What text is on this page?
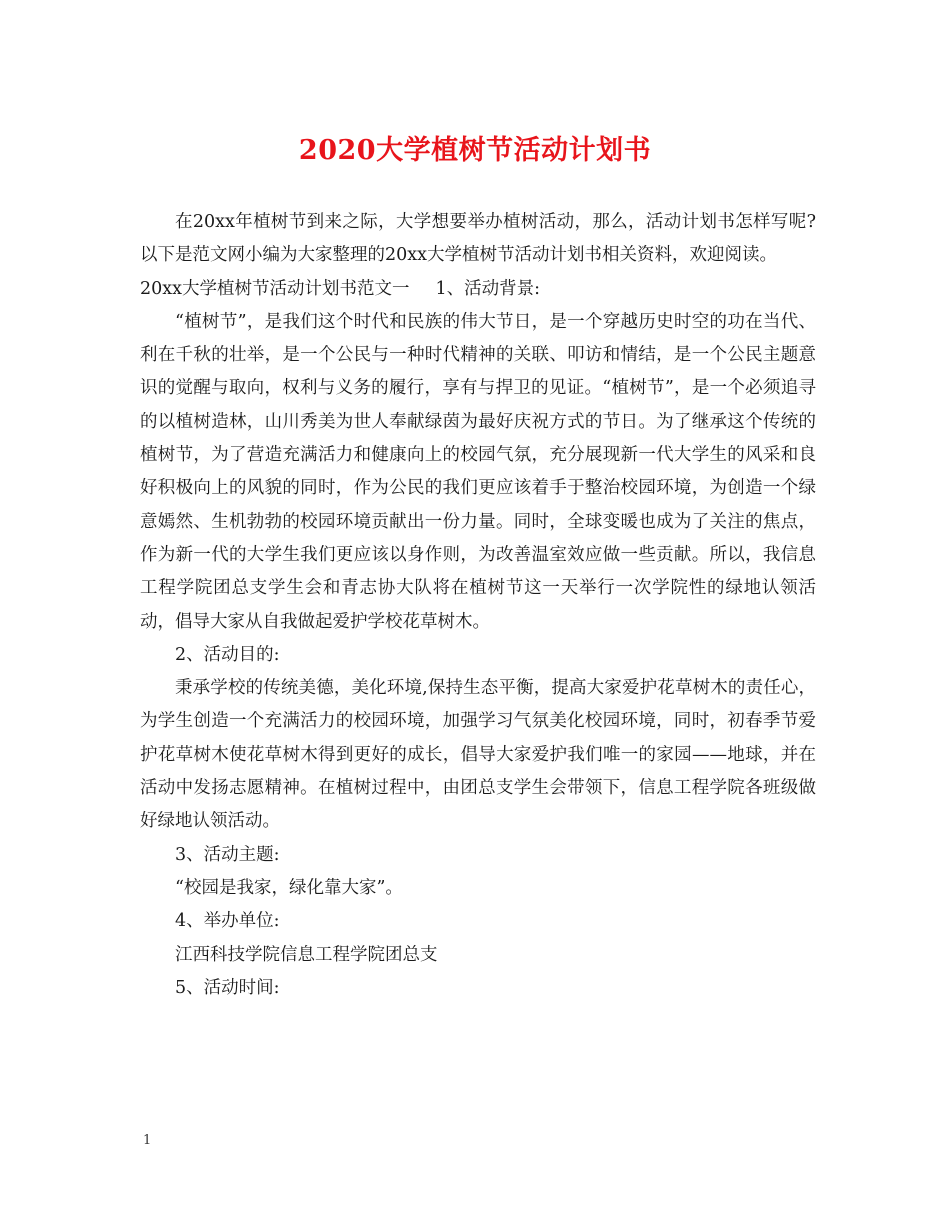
2020大学植树节活动计划书

在20xx年植树节到来之际，大学想要举办植树活动，那么，活动计划书怎样写呢?以下是范文网小编为大家整理的20xx大学植树节活动计划书相关资料，欢迎阅读。

20xx大学植树节活动计划书范文一 1、活动背景:

“植树节”，是我们这个时代和民族的伟大节日，是一个穿越历史时空的功在当代、利在千秋的壮举，是一个公民与一种时代精神的关联、叩访和情结，是一个公民主题意识的觉醒与取向，权利与义务的履行，享有与捍卫的见证。“植树节”，是一个必须追寻的以植树造林，山川秀美为世人奉献绿茵为最好庆祝方式的节日。为了继承这个传统的植树节，为了营造充满活力和健康向上的校园气氛，充分展现新一代大学生的风采和良好积极向上的风貌的同时，作为公民的我们更应该着手于整治校园环境，为创造一个绿意嫣然、生机勃勃的校园环境贡献出一份力量。同时，全球变暖也成为了关注的焦点，作为新一代的大学生我们更应该以身作则，为改善温室效应做一些贡献。所以，我信息工程学院团总支学生会和青志协大队将在植树节这一天举行一次学院性的绿地认领活动，倡导大家从自我做起爱护学校花草树木。

2、活动目的:

秉承学校的传统美德，美化环境,保持生态平衡，提高大家爱护花草树木的责任心，为学生创造一个充满活力的校园环境，加强学习气氛美化校园环境，同时，初春季节爱护花草树木使花草树木得到更好的成长，倡导大家爱护我们唯一的家园——地球，并在活动中发扬志愿精神。在植树过程中，由团总支学生会带领下，信息工程学院各班级做好绿地认领活动。

3、活动主题:

“校园是我家，绿化靠大家”。

4、举办单位:

江西科技学院信息工程学院团总支

5、活动时间:

1
